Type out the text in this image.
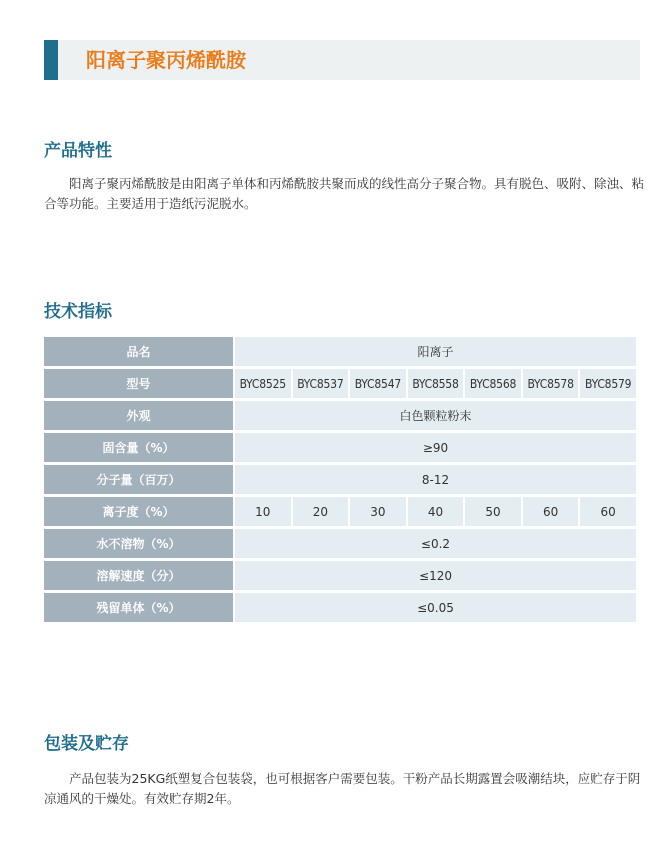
阳离子聚丙烯酰胺
产品特性
阳离子聚丙烯酰胺是由阳离子单体和丙烯酰胺共聚而成的线性高分子聚合物。具有脱色、吸附、除浊、粘合等功能。主要适用于造纸污泥脱水。
技术指标
品名	阳离子						
型号	BYC8525	BYC8537	BYC8547	BYC8558	BYC8568	BYC8578	BYC8579
外观	白色颗粒粉末						
固含量（%）	≥90						
分子量（百万）	8-12						
离子度（%）	10	20	30	40	50	60	60
水不溶物（%）	≤0.2						
溶解速度（分）	≤120						
残留单体（%）	≤0.05						
包装及贮存
产品包装为25KG纸塑复合包装袋，也可根据客户需要包装。干粉产品长期露置会吸潮结块，应贮存于阴凉通风的干燥处。有效贮存期2年。
